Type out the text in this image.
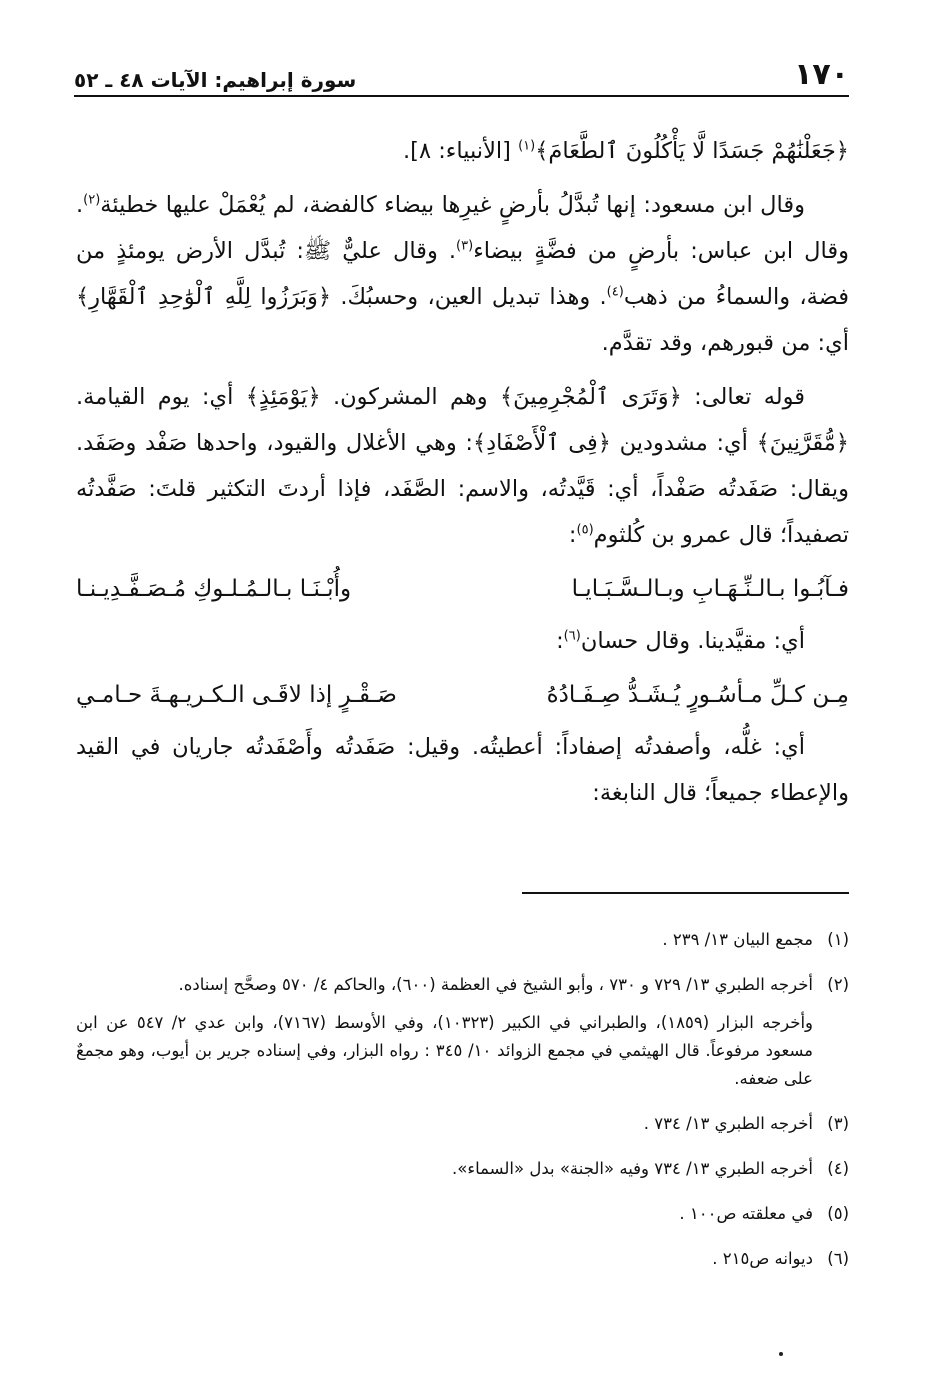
١٧٠
سورة إبراهيم: الآيات ٤٨ ـ ٥٢

﴿جَعَلْنَٰهُمْ جَسَدًا لَّا يَأْكُلُونَ ٱلطَّعَامَ﴾$^{(١)}$ [الأنبياء: ٨].

وقال ابن مسعود: إنها تُبدَّلُ بأرضٍ غيرِها بيضاء كالفضة، لم يُعْمَلْ عليها خطيئة$^{(٢)}$. وقال ابن عباس: بأرضٍ من فضَّةٍ بيضاء$^{(٣)}$. وقال عليٌّ ﷺ: تُبدَّل الأرض يومئذٍ من فضة، والسماءُ من ذهب$^{(٤)}$. وهذا تبديل العين، وحسبُكَ. ﴿وَبَرَزُوا لِلَّهِ ٱلْوَٰحِدِ ٱلْقَهَّارِ﴾ أي: من قبورهم، وقد تقدَّم.

قوله تعالى: ﴿وَتَرَى ٱلْمُجْرِمِينَ﴾ وهم المشركون. ﴿يَوْمَئِذٍ﴾ أي: يوم القيامة. ﴿مُّقَرَّنِينَ﴾ أي: مشدودين ﴿فِى ٱلْأَصْفَادِ﴾: وهي الأغلال والقيود، واحدها صَفْد وصَفَد. ويقال: صَفَدتُه صَفْداً، أي: قَيَّدتُه، والاسم: الصَّفَد، فإذا أردتَ التكثير قلتَ: صَفَّدتُه تصفيداً؛ قال عمرو بن كُلثوم$^{(٥)}$:

فـآبُـوا بـالـنِّـهَـابِ وبـالـسَّـبَـايـا
وأُبْـنَـا بـالـمُـلـوكِ مُـصَـفَّـدِيـنـا

أي: مقيَّدينا. وقال حسان$^{(٦)}$:

مِـن كـلِّ مـأسُـورٍ يُـشَـدُّ صِـفَـادُهُ
صَـقْـرٍ إذا لاقَـى الـكـريـهـةَ حـامـي

أي: غلُّه، وأصفدتُه إصفاداً: أعطيتُه. وقيل: صَفَدتُه وأَصْفَدتُه جاريان في القيد والإعطاء جميعاً؛ قال النابغة:

(١)

مجمع البيان ١٣/ ٢٣٩ .

(٢)

أخرجه الطبري ١٣/ ٧٢٩ و ٧٣٠ ، وأبو الشيخ في العظمة (٦٠٠)، والحاكم ٤/ ٥٧٠ وصحَّح إسناده.

وأخرجه البزار (١٨٥٩)، والطبراني في الكبير (١٠٣٢٣)، وفي الأوسط (٧١٦٧)، وابن عدي ٢/ ٥٤٧ عن ابن مسعود مرفوعاً. قال الهيثمي في مجمع الزوائد ١٠/ ٣٤٥ : رواه البزار، وفي إسناده جرير بن أيوب، وهو مجمعٌ على ضعفه.

(٣)

أخرجه الطبري ١٣/ ٧٣٤ .

(٤)

أخرجه الطبري ١٣/ ٧٣٤ وفيه «الجنة» بدل «السماء».

(٥)

في معلقته ص١٠٠ .

(٦)

ديوانه ص٢١٥ .
